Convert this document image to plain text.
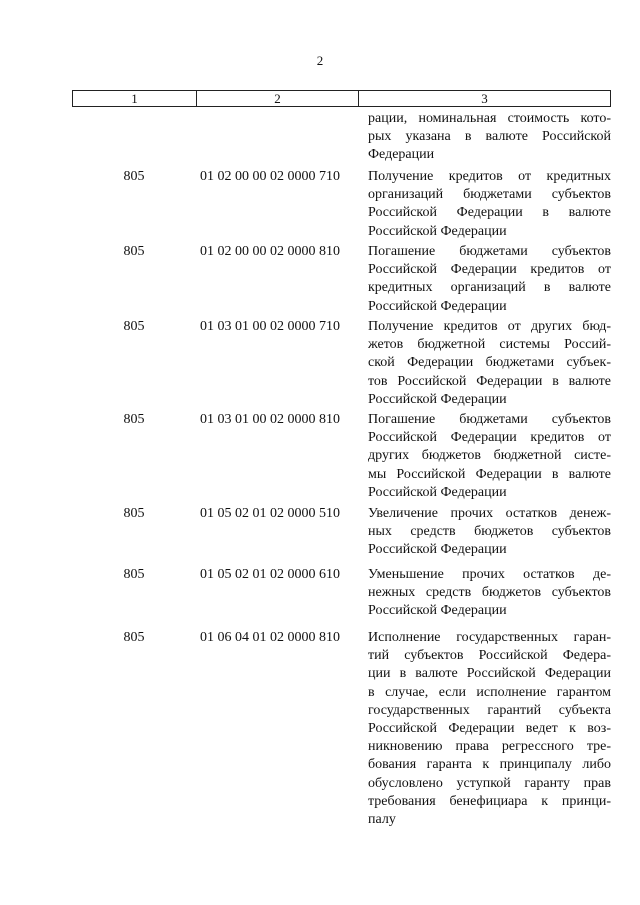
2
1	2	3
рации, номинальная стоимость кото-
рых указана в валюте Российской
Федерации
805	01 02 00 00 02 0000 710	Получение кредитов от кредитных
организаций бюджетами субъектов
Российской Федерации в валюте
Российской Федерации
805	01 02 00 00 02 0000 810	Погашение бюджетами субъектов
Российской Федерации кредитов от
кредитных организаций в валюте
Российской Федерации
805	01 03 01 00 02 0000 710	Получение кредитов от других бюд-
жетов бюджетной системы Россий-
ской Федерации бюджетами субъек-
тов Российской Федерации в валюте
Российской Федерации
805	01 03 01 00 02 0000 810	Погашение бюджетами субъектов
Российской Федерации кредитов от
других бюджетов бюджетной систе-
мы Российской Федерации в валюте
Российской Федерации
805	01 05 02 01 02 0000 510	Увеличение прочих остатков денеж-
ных средств бюджетов субъектов
Российской Федерации
805	01 05 02 01 02 0000 610	Уменьшение прочих остатков де-
нежных средств бюджетов субъектов
Российской Федерации
805	01 06 04 01 02 0000 810	Исполнение государственных гаран-
тий субъектов Российской Федера-
ции в валюте Российской Федерации
в случае, если исполнение гарантом
государственных гарантий субъекта
Российской Федерации ведет к воз-
никновению права регрессного тре-
бования гаранта к принципалу либо
обусловлено уступкой гаранту прав
требования бенефициара к принци-
палу
